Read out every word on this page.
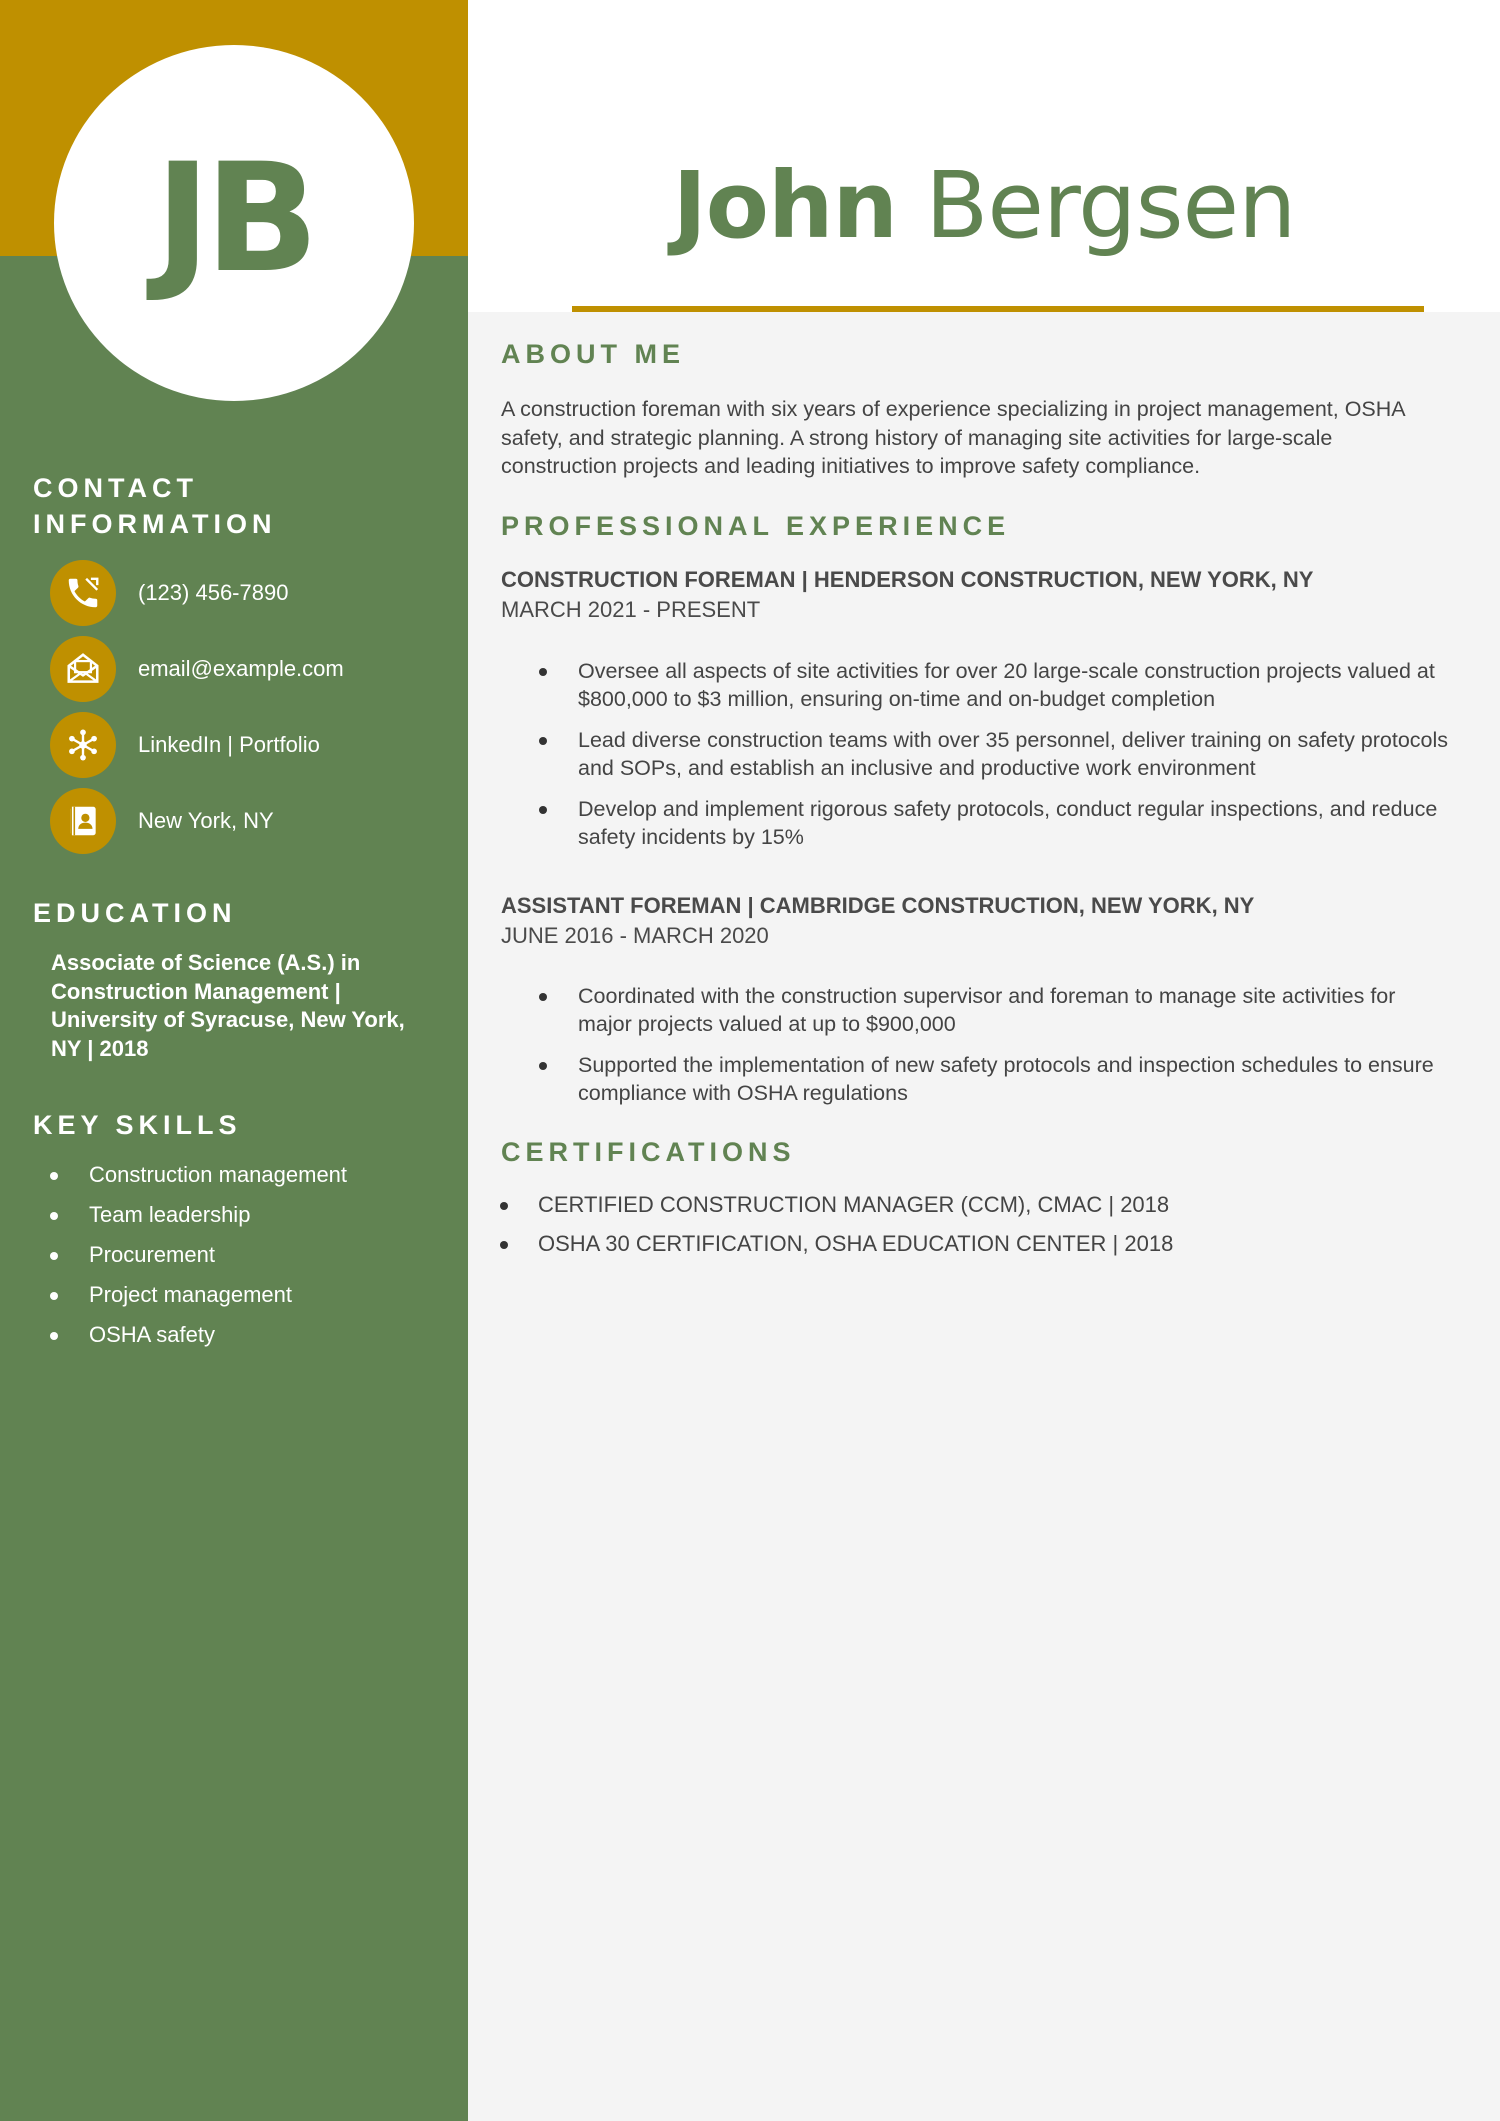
JB	John Bergsen
CONTACT
INFORMATION
(123) 456-7890
email@example.com
LinkedIn | Portfolio
New York, NY
EDUCATION
Associate of Science (A.S.) in Construction Management | University of Syracuse, New York, NY | 2018
KEY SKILLS
Construction management
Team leadership
Procurement
Project management
OSHA safety
ABOUT ME
A construction foreman with six years of experience specializing in project management, OSHA safety, and strategic planning. A strong history of managing site activities for large-scale construction projects and leading initiatives to improve safety compliance.
PROFESSIONAL EXPERIENCE
CONSTRUCTION FOREMAN | HENDERSON CONSTRUCTION, NEW YORK, NY
MARCH 2021 - PRESENT
Oversee all aspects of site activities for over 20 large-scale construction projects valued at $800,000 to $3 million, ensuring on-time and on-budget completion
Lead diverse construction teams with over 35 personnel, deliver training on safety protocols and SOPs, and establish an inclusive and productive work environment
Develop and implement rigorous safety protocols, conduct regular inspections, and reduce safety incidents by 15%
ASSISTANT FOREMAN | CAMBRIDGE CONSTRUCTION, NEW YORK, NY
JUNE 2016 - MARCH 2020
Coordinated with the construction supervisor and foreman to manage site activities for major projects valued at up to $900,000
Supported the implementation of new safety protocols and inspection schedules to ensure compliance with OSHA regulations
CERTIFICATIONS
CERTIFIED CONSTRUCTION MANAGER (CCM), CMAC | 2018
OSHA 30 CERTIFICATION, OSHA EDUCATION CENTER | 2018
